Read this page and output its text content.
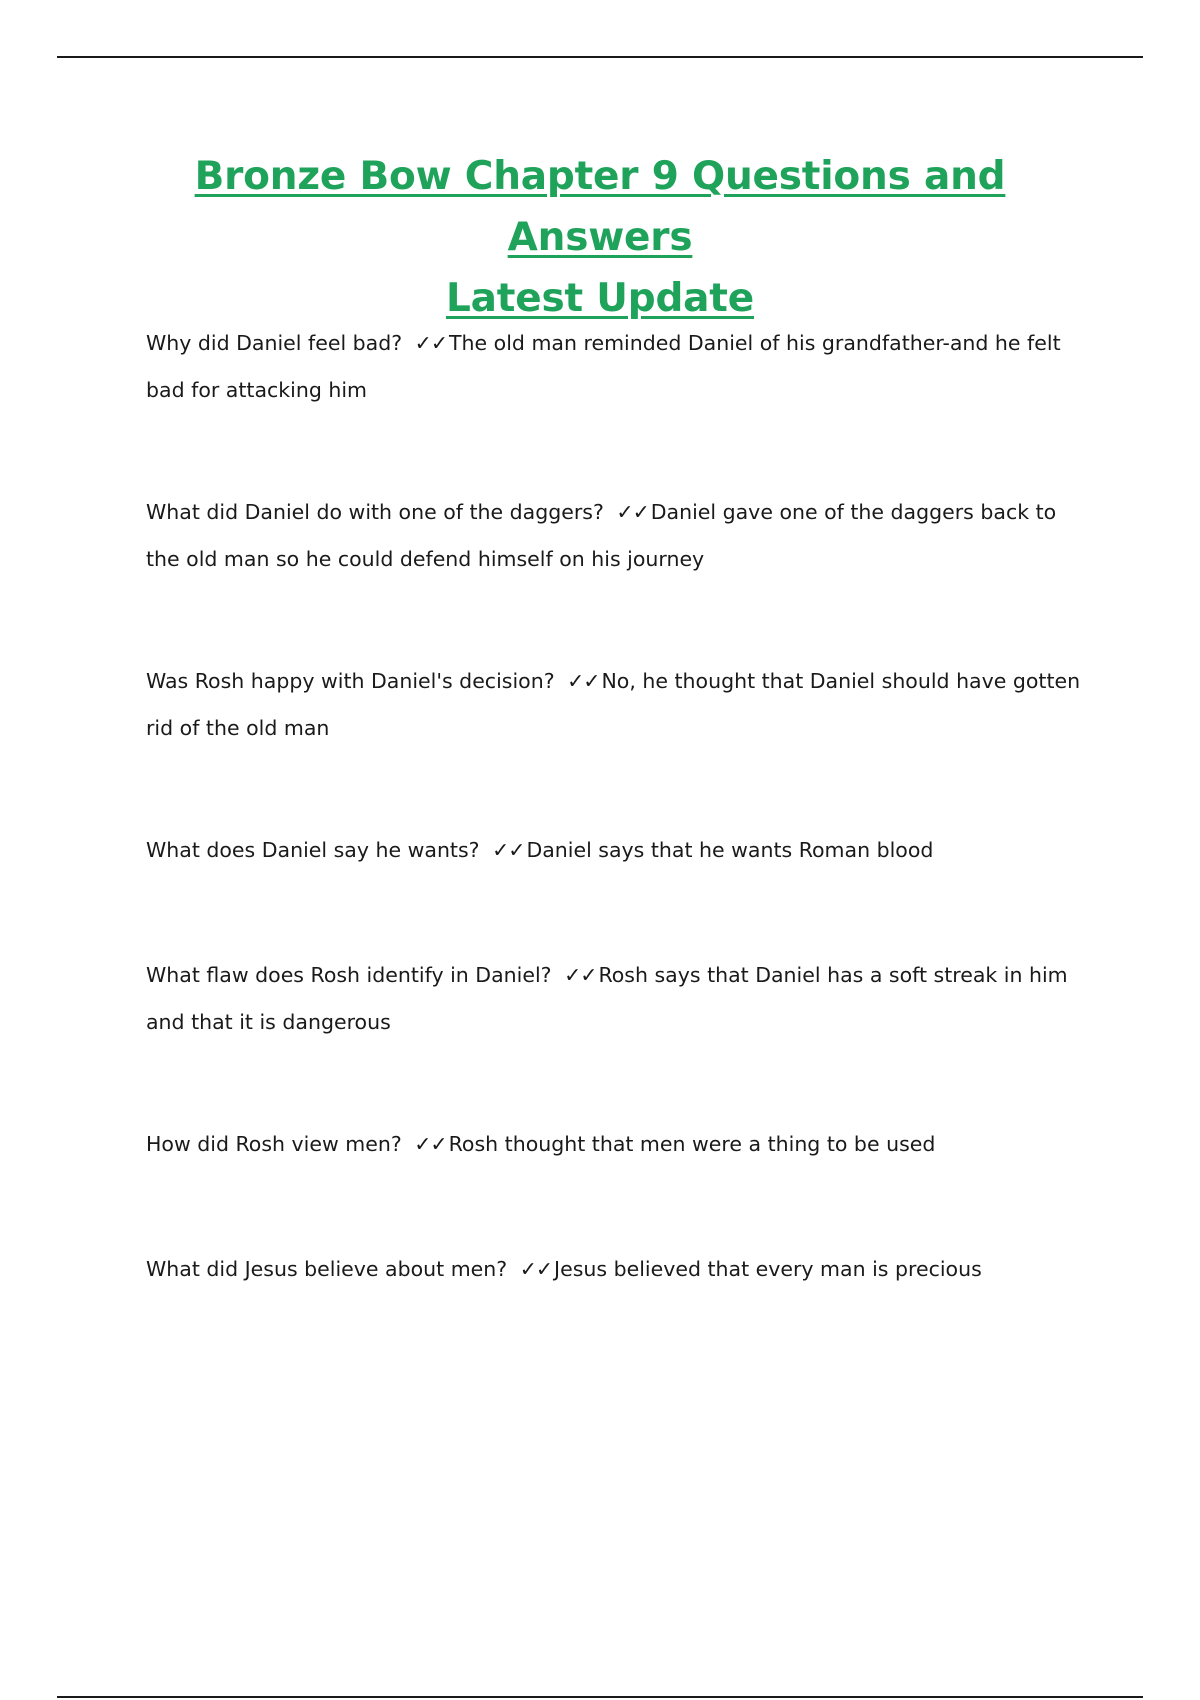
Bronze Bow Chapter 9 Questions and Answers
Latest Update

Why did Daniel feel bad? ✓✓The old man reminded Daniel of his grandfather-and he felt bad for attacking him

What did Daniel do with one of the daggers? ✓✓Daniel gave one of the daggers back to the old man so he could defend himself on his journey

Was Rosh happy with Daniel's decision? ✓✓No, he thought that Daniel should have gotten rid of the old man

What does Daniel say he wants? ✓✓Daniel says that he wants Roman blood

What flaw does Rosh identify in Daniel? ✓✓Rosh says that Daniel has a soft streak in him and that it is dangerous

How did Rosh view men? ✓✓Rosh thought that men were a thing to be used

What did Jesus believe about men? ✓✓Jesus believed that every man is precious
